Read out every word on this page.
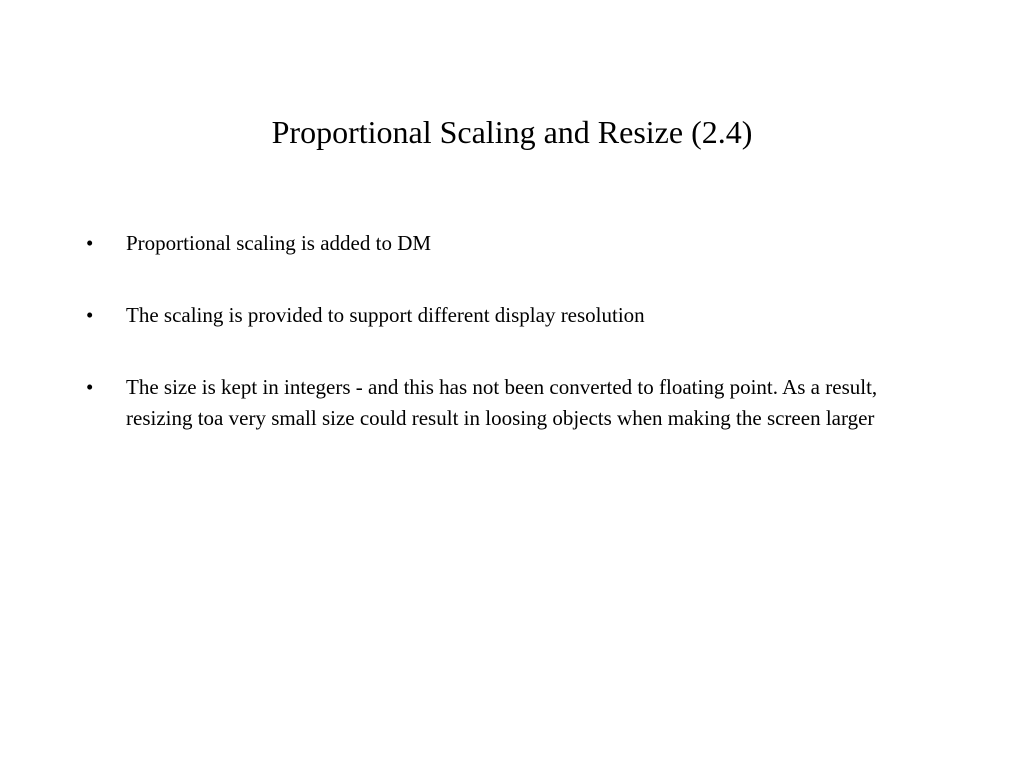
Proportional Scaling and Resize (2.4)
•	Proportional scaling is added to DM
•	The scaling is provided to support different display resolution
•	The size is kept in integers - and this has not been converted to floating point. As a result, resizing toa very small size could result in loosing objects when making the screen larger
